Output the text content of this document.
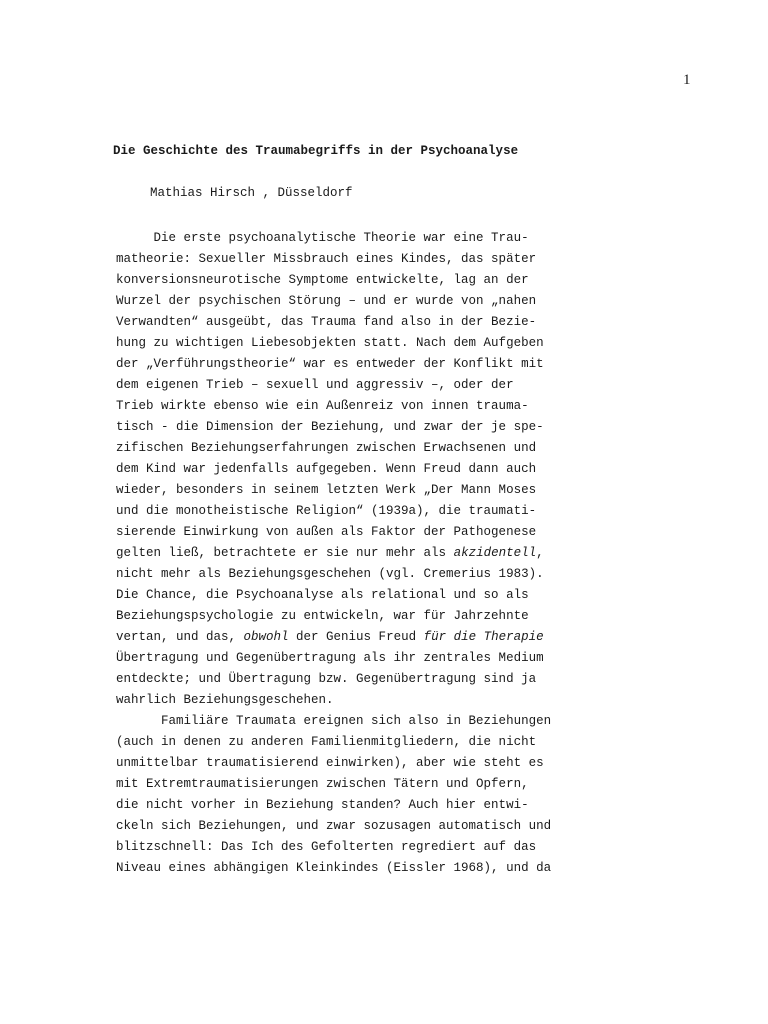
1
Die Geschichte des Traumabegriffs in der Psychoanalyse
Mathias Hirsch , Düsseldorf
Die erste psychoanalytische Theorie war eine Trau-
matheorie: Sexueller Missbrauch eines Kindes, das später
konversionsneurotische Symptome entwickelte, lag an der
Wurzel der psychischen Störung – und er wurde von „nahen
Verwandten“ ausgeübt, das Trauma fand also in der Bezie-
hung zu wichtigen Liebesobjekten statt. Nach dem Aufgeben
der „Verführungstheorie“ war es entweder der Konflikt mit
dem eigenen Trieb – sexuell und aggressiv –, oder der
Trieb wirkte ebenso wie ein Außenreiz von innen trauma-
tisch - die Dimension der Beziehung, und zwar der je spe-
zifischen Beziehungserfahrungen zwischen Erwachsenen und
dem Kind war jedenfalls aufgegeben. Wenn Freud dann auch
wieder, besonders in seinem letzten Werk „Der Mann Moses
und die monotheistische Religion“ (1939a), die traumati-
sierende Einwirkung von außen als Faktor der Pathogenese
gelten ließ, betrachtete er sie nur mehr als akzidentell,
nicht mehr als Beziehungsgeschehen (vgl. Cremerius 1983).
Die Chance, die Psychoanalyse als relational und so als
Beziehungspsychologie zu entwickeln, war für Jahrzehnte
vertan, und das, obwohl der Genius Freud für die Therapie
Übertragung und Gegenübertragung als ihr zentrales Medium
entdeckte; und Übertragung bzw. Gegenübertragung sind ja
wahrlich Beziehungsgeschehen.
Familiäre Traumata ereignen sich also in Beziehungen
(auch in denen zu anderen Familienmitgliedern, die nicht
unmittelbar traumatisierend einwirken), aber wie steht es
mit Extremtraumatisierungen zwischen Tätern und Opfern,
die nicht vorher in Beziehung standen? Auch hier entwi-
ckeln sich Beziehungen, und zwar sozusagen automatisch und
blitzschnell: Das Ich des Gefolterten regrediert auf das
Niveau eines abhängigen Kleinkindes (Eissler 1968), und da
